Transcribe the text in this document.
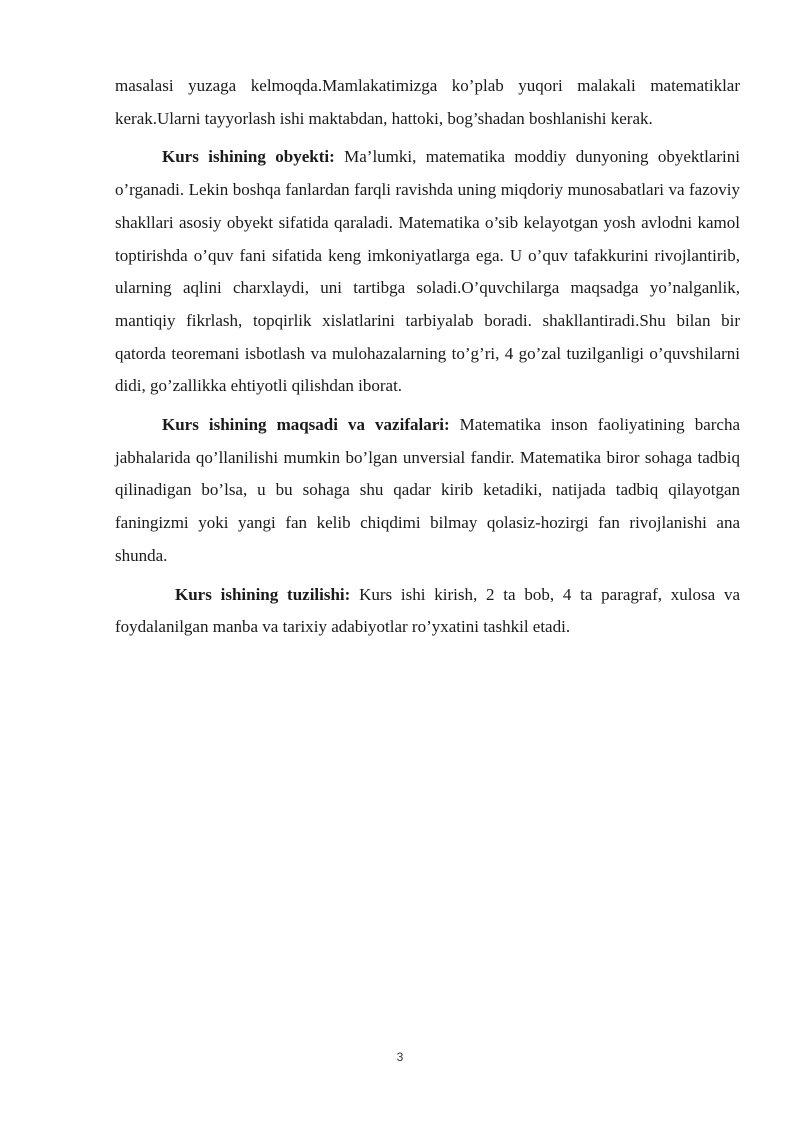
masalasi yuzaga kelmoqda.Mamlakatimizga ko’plab yuqori malakali matematiklar kerak.Ularni tayyorlash ishi maktabdan, hattoki, bog’shadan boshlanishi kerak.

Kurs ishining obyekti: Ma’lumki, matematika moddiy dunyoning obyektlarini o’rganadi. Lekin boshqa fanlardan farqli ravishda uning miqdoriy munosabatlari va fazoviy shakllari asosiy obyekt sifatida qaraladi. Matematika o’sib kelayotgan yosh avlodni kamol toptirishda o’quv fani sifatida keng imkoniyatlarga ega. U o’quv tafakkurini rivojlantirib, ularning aqlini charxlaydi, uni tartibga soladi.O’quvchilarga maqsadga yo’nalganlik, mantiqiy fikrlash, topqirlik xislatlarini tarbiyalab boradi. shakllantiradi.Shu bilan bir qatorda teoremani isbotlash va mulohazalarning to’g’ri, 4 go’zal tuzilganligi o’quvshilarni didi, go’zallikka ehtiyotli qilishdan iborat.

Kurs ishining maqsadi va vazifalari: Matematika inson faoliyatining barcha jabhalarida qo’llanilishi mumkin bo’lgan unversial fandir. Matematika biror sohaga tadbiq qilinadigan bo’lsa, u bu sohaga shu qadar kirib ketadiki, natijada tadbiq qilayotgan faningizmi yoki yangi fan kelib chiqdimi bilmay qolasiz-hozirgi fan rivojlanishi ana shunda.

Kurs ishining tuzilishi: Kurs ishi kirish, 2 ta bob, 4 ta paragraf, xulosa va foydalanilgan manba va tarixiy adabiyotlar ro’yxatini tashkil etadi.

3
